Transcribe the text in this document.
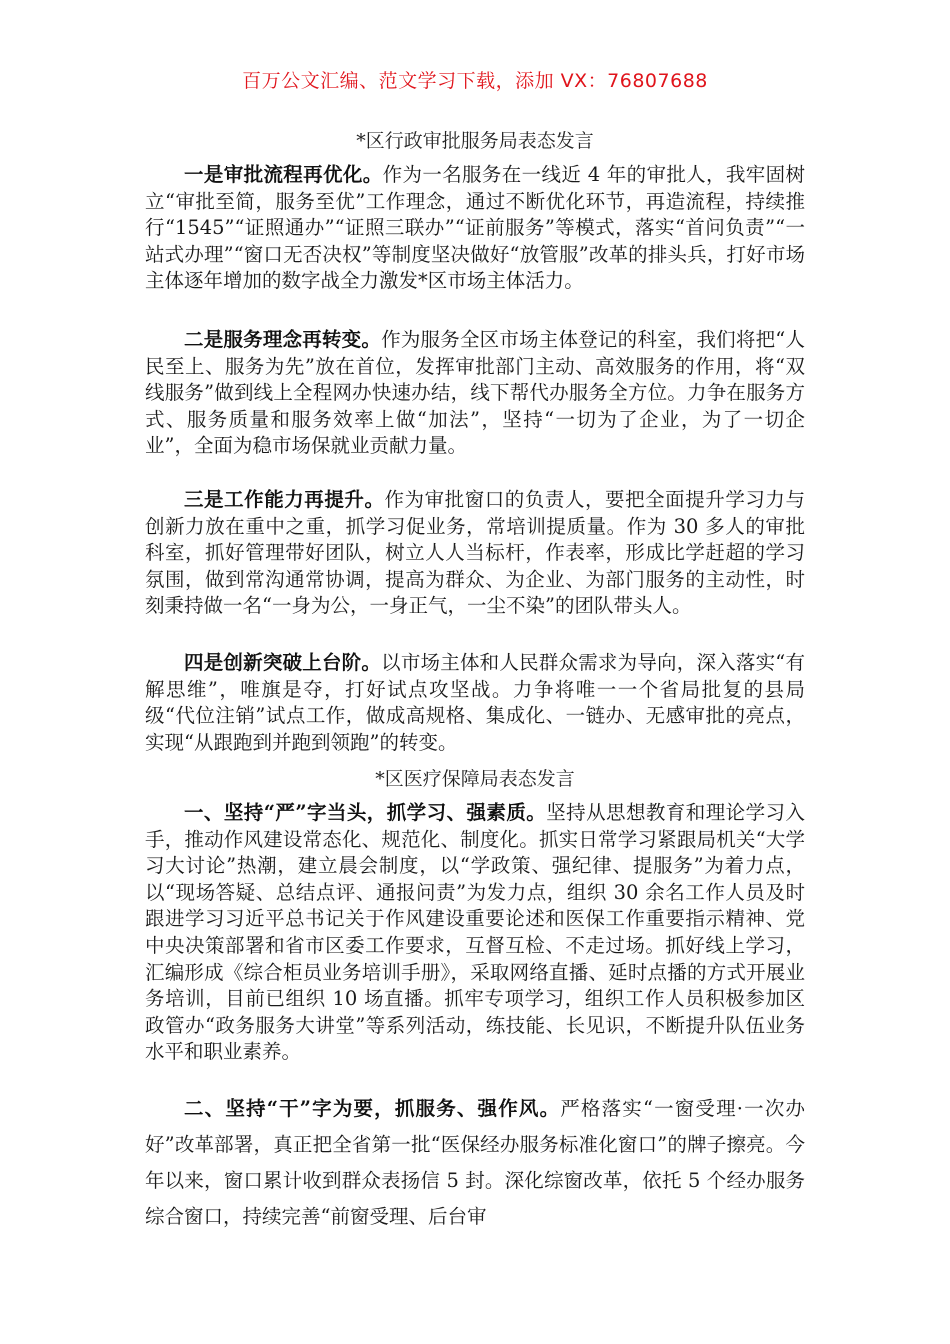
百万公文汇编、范文学习下载，添加 VX：76807688
*区行政审批服务局表态发言

一是审批流程再优化。作为一名服务在一线近 4 年的审批人，我牢固树立“审批至简，服务至优”工作理念，通过不断优化环节，再造流程，持续推行“1545”“证照通办”“证照三联办”“证前服务”等模式，落实“首问负责”“一站式办理”“窗口无否决权”等制度坚决做好“放管服”改革的排头兵，打好市场主体逐年增加的数字战全力激发*区市场主体活力。

二是服务理念再转变。作为服务全区市场主体登记的科室，我们将把“人民至上、服务为先”放在首位，发挥审批部门主动、高效服务的作用，将“双线服务”做到线上全程网办快速办结，线下帮代办服务全方位。力争在服务方式、服务质量和服务效率上做“加法”，坚持“一切为了企业，为了一切企业”，全面为稳市场保就业贡献力量。

三是工作能力再提升。作为审批窗口的负责人，要把全面提升学习力与创新力放在重中之重，抓学习促业务，常培训提质量。作为 30 多人的审批科室，抓好管理带好团队，树立人人当标杆，作表率，形成比学赶超的学习氛围，做到常沟通常协调，提高为群众、为企业、为部门服务的主动性，时刻秉持做一名“一身为公，一身正气，一尘不染”的团队带头人。

四是创新突破上台阶。以市场主体和人民群众需求为导向，深入落实“有解思维”，唯旗是夺，打好试点攻坚战。力争将唯一一个省局批复的县局级“代位注销”试点工作，做成高规格、集成化、一链办、无感审批的亮点，实现“从跟跑到并跑到领跑”的转变。

*区医疗保障局表态发言

一、坚持“严”字当头，抓学习、强素质。坚持从思想教育和理论学习入手，推动作风建设常态化、规范化、制度化。抓实日常学习紧跟局机关“大学习大讨论”热潮，建立晨会制度，以“学政策、强纪律、提服务”为着力点，以“现场答疑、总结点评、通报问责”为发力点，组织 30 余名工作人员及时跟进学习习近平总书记关于作风建设重要论述和医保工作重要指示精神、党中央决策部署和省市区委工作要求，互督互检、不走过场。抓好线上学习，汇编形成《综合柜员业务培训手册》，采取网络直播、延时点播的方式开展业务培训，目前已组织 10 场直播。抓牢专项学习，组织工作人员积极参加区政管办“政务服务大讲堂”等系列活动，练技能、长见识，不断提升队伍业务水平和职业素养。

二、坚持“干”字为要，抓服务、强作风。严格落实“一窗受理·一次办好”改革部署，真正把全省第一批“医保经办服务标准化窗口”的牌子擦亮。今年以来，窗口累计收到群众表扬信 5 封。深化综窗改革，依托 5 个经办服务综合窗口，持续完善“前窗受理、后台审
